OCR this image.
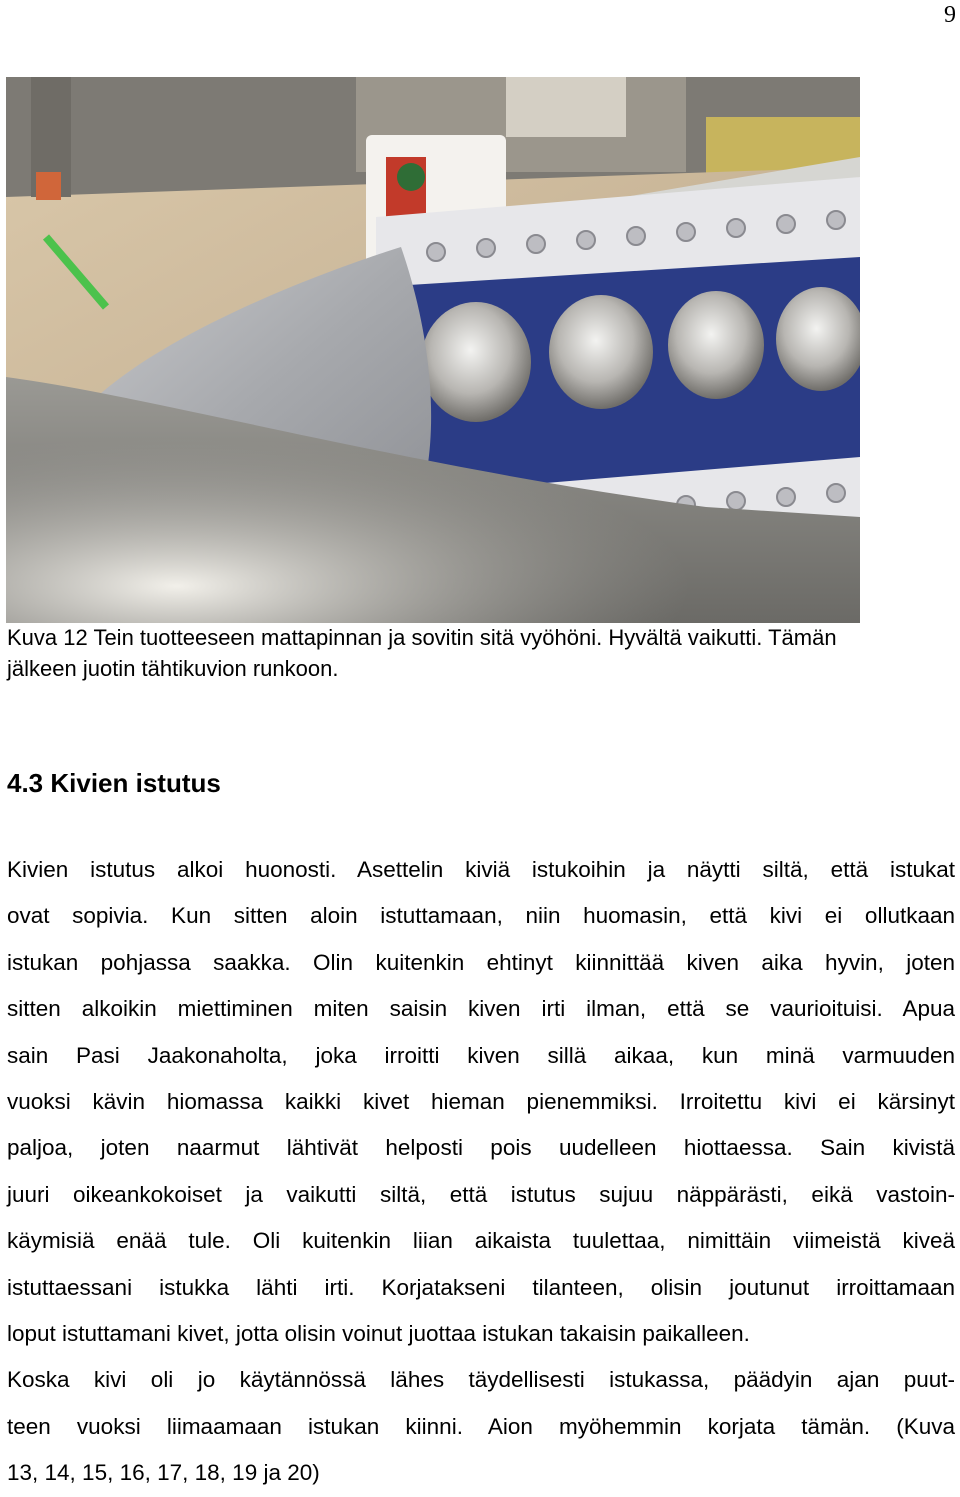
9
Kuva 12 Tein tuotteeseen mattapinnan ja sovitin sitä vyöhöni. Hyvältä vaikutti. Tämän
jälkeen juotin tähtikuvion runkoon.
4.3 Kivien istutus
Kivien istutus alkoi huonosti. Asettelin kiviä istukoihin ja näytti siltä, että istukat
ovat sopivia. Kun sitten aloin istuttamaan, niin huomasin, että kivi ei ollutkaan
istukan pohjassa saakka. Olin kuitenkin ehtinyt kiinnittää kiven aika hyvin, joten
sitten alkoikin miettiminen miten saisin kiven irti ilman, että se vaurioituisi. Apua
sain Pasi Jaakonaholta, joka irroitti kiven sillä aikaa, kun minä varmuuden
vuoksi kävin hiomassa kaikki kivet hieman pienemmiksi. Irroitettu kivi ei kärsinyt
paljoa, joten naarmut lähtivät helposti pois uudelleen hiottaessa. Sain kivistä
juuri oikeankokoiset ja vaikutti siltä, että istutus sujuu näppärästi, eikä vastoin-
käymisiä enää tule. Oli kuitenkin liian aikaista tuulettaa, nimittäin viimeistä kiveä
istuttaessani istukka lähti irti. Korjatakseni tilanteen, olisin joutunut irroittamaan
loput istuttamani kivet, jotta olisin voinut juottaa istukan takaisin paikalleen.
Koska kivi oli jo käytännössä lähes täydellisesti istukassa, päädyin ajan puut-
teen vuoksi liimaamaan istukan kiinni. Aion myöhemmin korjata tämän. (Kuva
13, 14, 15, 16, 17, 18, 19 ja 20)
